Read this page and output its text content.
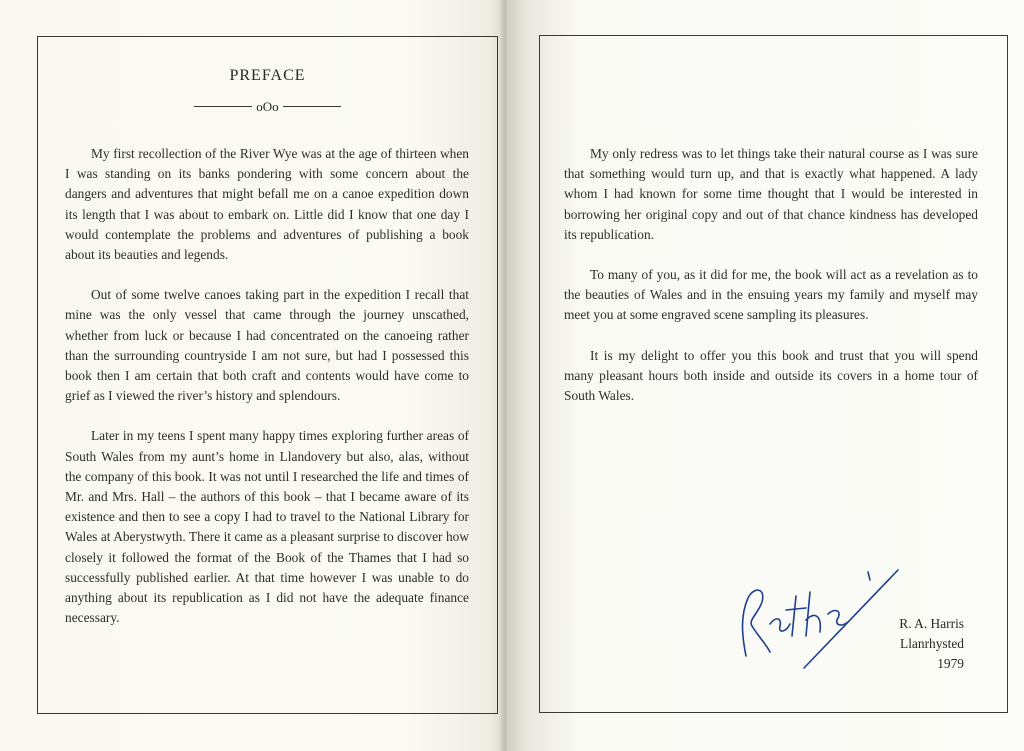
PREFACE
oOo

My first recollection of the River Wye was at the age of thirteen when I was standing on its banks pondering with some concern about the dangers and adventures that might befall me on a canoe expedition down its length that I was about to embark on. Little did I know that one day I would contemplate the problems and adventures of publishing a book about its beauties and legends.

Out of some twelve canoes taking part in the expedition I recall that mine was the only vessel that came through the journey unscathed, whether from luck or because I had concentrated on the canoeing rather than the surrounding countryside I am not sure, but had I possessed this book then I am certain that both craft and contents would have come to grief as I viewed the river’s history and splendours.

Later in my teens I spent many happy times exploring further areas of South Wales from my aunt’s home in Llandovery but also, alas, without the company of this book. It was not until I researched the life and times of Mr. and Mrs. Hall – the authors of this book – that I became aware of its existence and then to see a copy I had to travel to the National Library for Wales at Aberystwyth. There it came as a pleasant surprise to discover how closely it followed the format of the Book of the Thames that I had so successfully published earlier. At that time however I was unable to do anything about its republication as I did not have the adequate finance necessary.

My only redress was to let things take their natural course as I was sure that something would turn up, and that is exactly what happened. A lady whom I had known for some time thought that I would be interested in borrowing her original copy and out of that chance kindness has developed its republication.

To many of you, as it did for me, the book will act as a revelation as to the beauties of Wales and in the ensuing years my family and myself may meet you at some engraved scene sampling its pleasures.

It is my delight to offer you this book and trust that you will spend many pleasant hours both inside and outside its covers in a home tour of South Wales.

R. A. Harris
Llanrhysted
1979
